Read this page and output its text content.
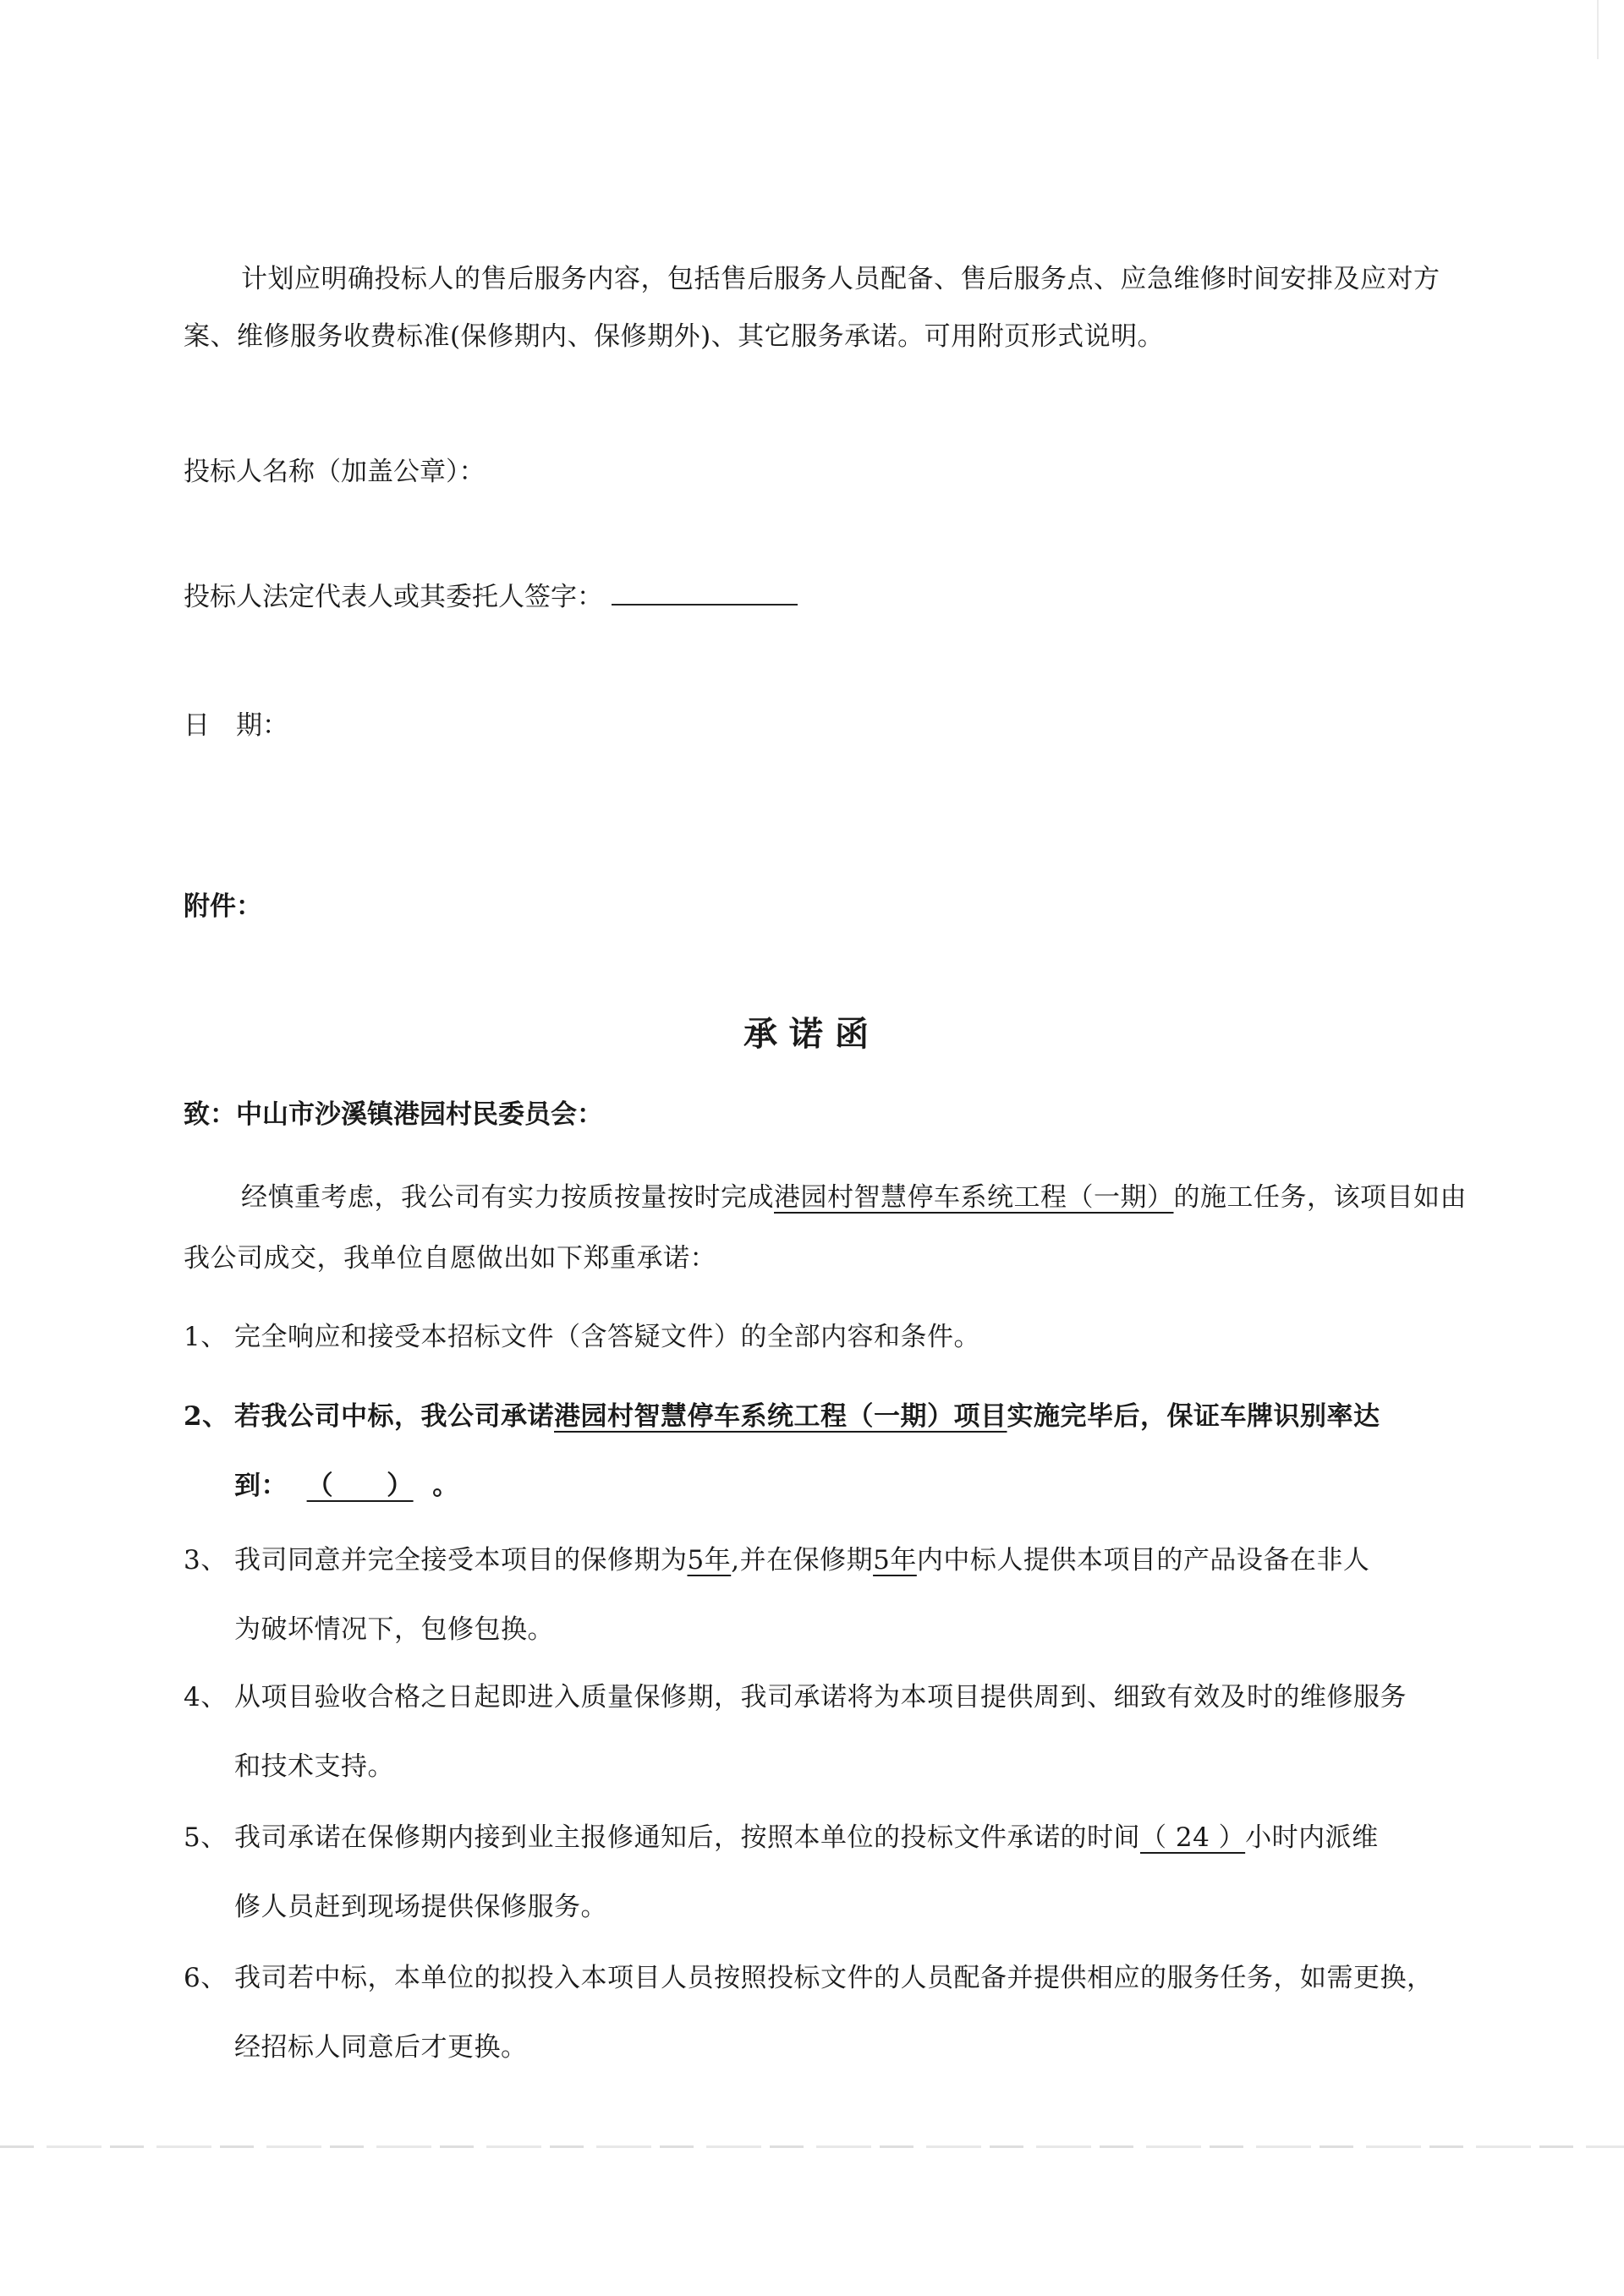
计划应明确投标人的售后服务内容，包括售后服务人员配备、售后服务点、应急维修时间安排及应对方案、维修服务收费标准(保修期内、保修期外)、其它服务承诺。可用附页形式说明。

投标人名称（加盖公章）：

投标人法定代表人或其委托人签字：

日　期：

附件：

承诺函

致：中山市沙溪镇港园村民委员会：

经慎重考虑，我公司有实力按质按量按时完成港园村智慧停车系统工程（一期）的施工任务，该项目如由我公司成交，我单位自愿做出如下郑重承诺：

1、 完全响应和接受本招标文件（含答疑文件）的全部内容和条件。

2、 若我公司中标，我公司承诺港园村智慧停车系统工程（一期）项目实施完毕后，保证车牌识别率达
到： （　　） 。

3、 我司同意并完全接受本项目的保修期为5年,并在保修期5年内中标人提供本项目的产品设备在非人
为破坏情况下，包修包换。

4、 从项目验收合格之日起即进入质量保修期，我司承诺将为本项目提供周到、细致有效及时的维修服务
和技术支持。

5、 我司承诺在保修期内接到业主报修通知后，按照本单位的投标文件承诺的时间（ 24 ）小时内派维
修人员赶到现场提供保修服务。

6、 我司若中标，本单位的拟投入本项目人员按照投标文件的人员配备并提供相应的服务任务，如需更换，
经招标人同意后才更换。
